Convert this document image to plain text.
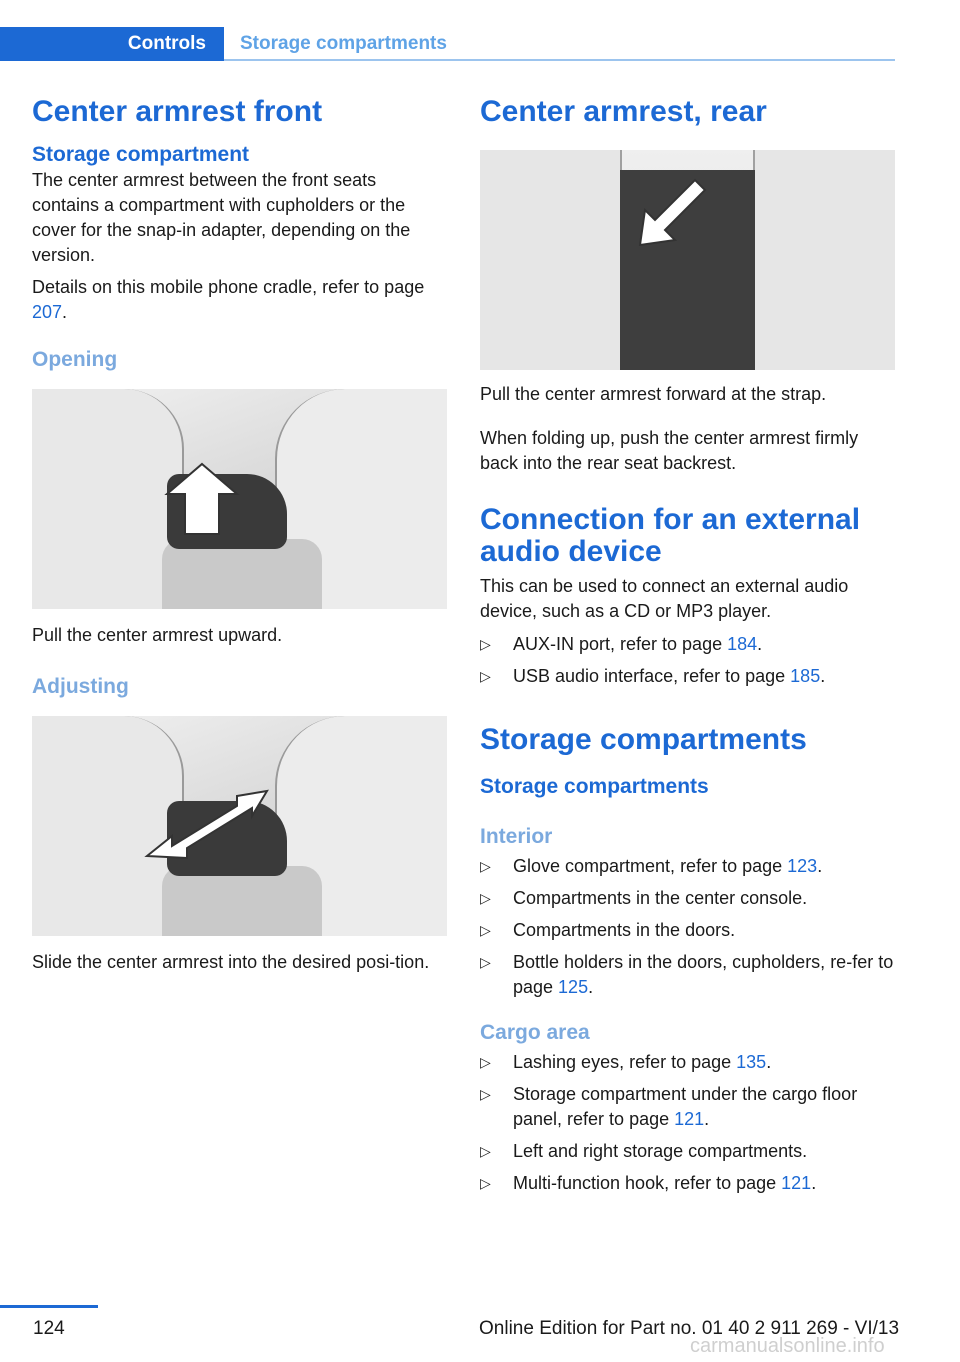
Controls	Storage compartments
Center armrest front
Storage compartment

The center armrest between the front seats contains a compartment with cupholders or the cover for the snap-in adapter, depending on the version.

Details on this mobile phone cradle, refer to page 207.

Opening

Pull the center armrest upward.

Adjusting

Slide the center armrest into the desired posi‐tion.

Center armrest, rear

Pull the center armrest forward at the strap.

When folding up, push the center armrest firmly back into the rear seat backrest.

Connection for an external audio device

This can be used to connect an external audio device, such as a CD or MP3 player.

▷ AUX-IN port, refer to page 184.
▷ USB audio interface, refer to page 185.
Storage compartments
Storage compartments
Interior
▷ Glove compartment, refer to page 123.
▷ Compartments in the center console.
▷ Compartments in the doors.
▷ Bottle holders in the doors, cupholders, re‐fer to page 125.
Cargo area
▷ Lashing eyes, refer to page 135.
▷ Storage compartment under the cargo floor panel, refer to page 121.
▷ Left and right storage compartments.
▷ Multi-function hook, refer to page 121.
124	Online Edition for Part no. 01 40 2 911 269 - VI/13
carmanualsonline.info
